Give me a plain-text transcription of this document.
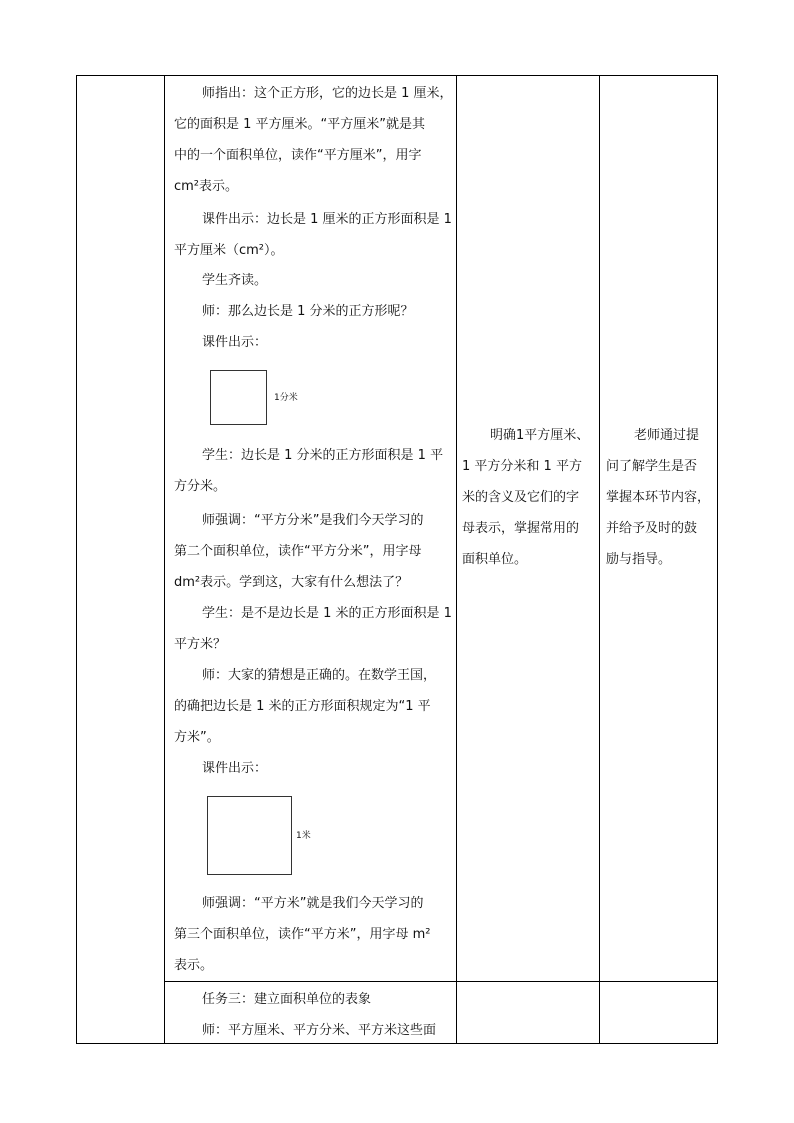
师指出：这个正方形，它的边长是 1 厘米，
它的面积是 1 平方厘米。“平方厘米”就是其
中的一个面积单位，读作“平方厘米”，用字
cm²表示。
课件出示：边长是 1 厘米的正方形面积是 1
平方厘米（cm²）。
学生齐读。
师：那么边长是 1 分米的正方形呢？
课件出示：
1分米
学生：边长是 1 分米的正方形面积是 1 平
方分米。
师强调：“平方分米”是我们今天学习的
第二个面积单位，读作“平方分米”，用字母
dm²表示。学到这，大家有什么想法了？
学生：是不是边长是 1 米的正方形面积是 1
平方米？
师：大家的猜想是正确的。在数学王国，
的确把边长是 1 米的正方形面积规定为“1 平
方米”。
课件出示：
1米
师强调：“平方米”就是我们今天学习的
第三个面积单位，读作“平方米”，用字母 m²
表示。
任务三：建立面积单位的表象
师：平方厘米、平方分米、平方米这些面
明确1平方厘米、
1 平方分米和 1 平方
米的含义及它们的字
母表示，掌握常用的
面积单位。
老师通过提
问了解学生是否
掌握本环节内容，
并给予及时的鼓
励与指导。
